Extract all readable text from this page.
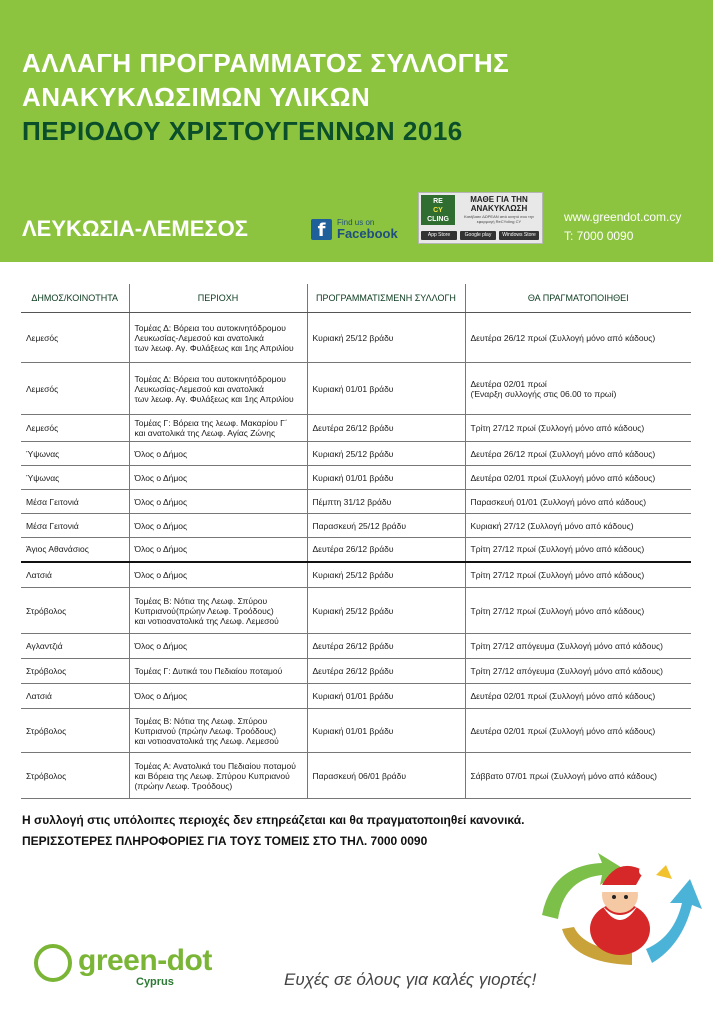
ΑΛΛΑΓΗ ΠΡΟΓΡΑΜΜΑΤΟΣ ΣΥΛΛΟΓΗΣ
ΑΝΑΚΥΚΛΩΣΙΜΩΝ ΥΛΙΚΩΝ
ΠΕΡΙΟΔΟΥ ΧΡΙΣΤΟΥΓΕΝΝΩΝ 2016
ΛΕΥΚΩΣΙΑ-ΛΕΜΕΣΟΣ	f	Find us on
Facebook
RE
CY
CLING
ΜΑΘΕ ΓΙΑ ΤΗΝ ΑΝΑΚΥΚΛΩΣΗ
Κατέβασε ΔΩΡΕΑΝ από κινητό σου την εφαρμογή ReCYcling CY
App Store	Google play	Windows Store
www.greendot.com.cy
T: 7000 0090
ΔΗΜΟΣ/ΚΟΙΝΟΤΗΤΑ	ΠΕΡΙΟΧΗ	ΠΡΟΓΡΑΜΜΑΤΙΣΜΕΝΗ ΣΥΛΛΟΓΗ	ΘΑ ΠΡΑΓΜΑΤΟΠΟΙΗΘΕΙ
Λεμεσός	Τομέας Δ: Βόρεια του αυτοκινητόδρομου
Λευκωσίας-Λεμεσού και ανατολικά
των λεωφ. Αγ. Φυλάξεως και 1ης Απριλίου	Κυριακή 25/12 βράδυ	Δευτέρα 26/12 πρωί (Συλλογή μόνο από κάδους)
Λεμεσός	Τομέας Δ: Βόρεια του αυτοκινητόδρομου
Λευκωσίας-Λεμεσού και ανατολικά
των λεωφ. Αγ. Φυλάξεως και 1ης Απριλίου	Κυριακή 01/01 βράδυ	Δευτέρα 02/01 πρωί
(Έναρξη συλλογής στις 06.00 το πρωί)
Λεμεσός	Τομέας Γ: Βόρεια της λεωφ. Μακαρίου Γ΄
και ανατολικά της Λεωφ. Αγίας Ζώνης	Δευτέρα 26/12 βράδυ	Τρίτη 27/12 πρωί (Συλλογή μόνο από κάδους)
Ύψωνας	Όλος ο Δήμος	Κυριακή 25/12 βράδυ	Δευτέρα 26/12 πρωί (Συλλογή μόνο από κάδους)
Ύψωνας	Όλος ο Δήμος	Κυριακή 01/01 βράδυ	Δευτέρα 02/01 πρωί (Συλλογή μόνο από κάδους)
Μέσα Γειτονιά	Όλος ο Δήμος	Πέμπτη 31/12 βράδυ	Παρασκευή 01/01 (Συλλογή μόνο από κάδους)
Μέσα Γειτονιά	Όλος ο Δήμος	Παρασκευή 25/12 βράδυ	Κυριακή 27/12 (Συλλογή μόνο από κάδους)
Άγιος Αθανάσιος	Όλος ο Δήμος	Δευτέρα 26/12 βράδυ	Τρίτη 27/12 πρωί (Συλλογή μόνο από κάδους)
Λατσιά	Όλος ο Δήμος	Κυριακή 25/12 βράδυ	Τρίτη 27/12 πρωί (Συλλογή μόνο από κάδους)
Στρόβολος	Τομέας Β: Νότια της Λεωφ. Σπύρου
Κυπριανού(πρώην Λεωφ. Τροόδους)
και νοτιοανατολικά της Λεωφ. Λεμεσού	Κυριακή 25/12 βράδυ	Τρίτη 27/12 πρωί (Συλλογή μόνο από κάδους)
Αγλαντζιά	Όλος ο Δήμος	Δευτέρα 26/12 βράδυ	Τρίτη 27/12 απόγευμα (Συλλογή μόνο από κάδους)
Στρόβολος	Τομέας Γ: Δυτικά του Πεδιαίου ποταμού	Δευτέρα 26/12 βράδυ	Τρίτη 27/12 απόγευμα (Συλλογή μόνο από κάδους)
Λατσιά	Όλος ο Δήμος	Κυριακή 01/01 βράδυ	Δευτέρα 02/01 πρωί (Συλλογή μόνο από κάδους)
Στρόβολος	Τομέας Β: Νότια της Λεωφ. Σπύρου
Κυπριανού (πρώην Λεωφ. Τροόδους)
και νοτιοανατολικά της Λεωφ. Λεμεσού	Κυριακή 01/01 βράδυ	Δευτέρα 02/01 πρωί (Συλλογή μόνο από κάδους)
Στρόβολος	Τομέας Α: Ανατολικά του Πεδιαίου ποταμού
και Βόρεια της Λεωφ. Σπύρου Κυπριανού
(πρώην Λεωφ. Τροόδους)	Παρασκευή 06/01 βράδυ	Σάββατο 07/01 πρωί (Συλλογή μόνο από κάδους)
Η συλλογή στις υπόλοιπες περιοχές δεν επηρεάζεται και θα πραγματοποιηθεί κανονικά.
ΠΕΡΙΣΣΟΤΕΡΕΣ ΠΛΗΡΟΦΟΡΙΕΣ ΓΙΑ ΤΟΥΣ ΤΟΜΕΙΣ ΣΤΟ ΤΗΛ. 7000 0090
green-dot
Cyprus	Ευχές σε όλους για καλές γιορτές!
